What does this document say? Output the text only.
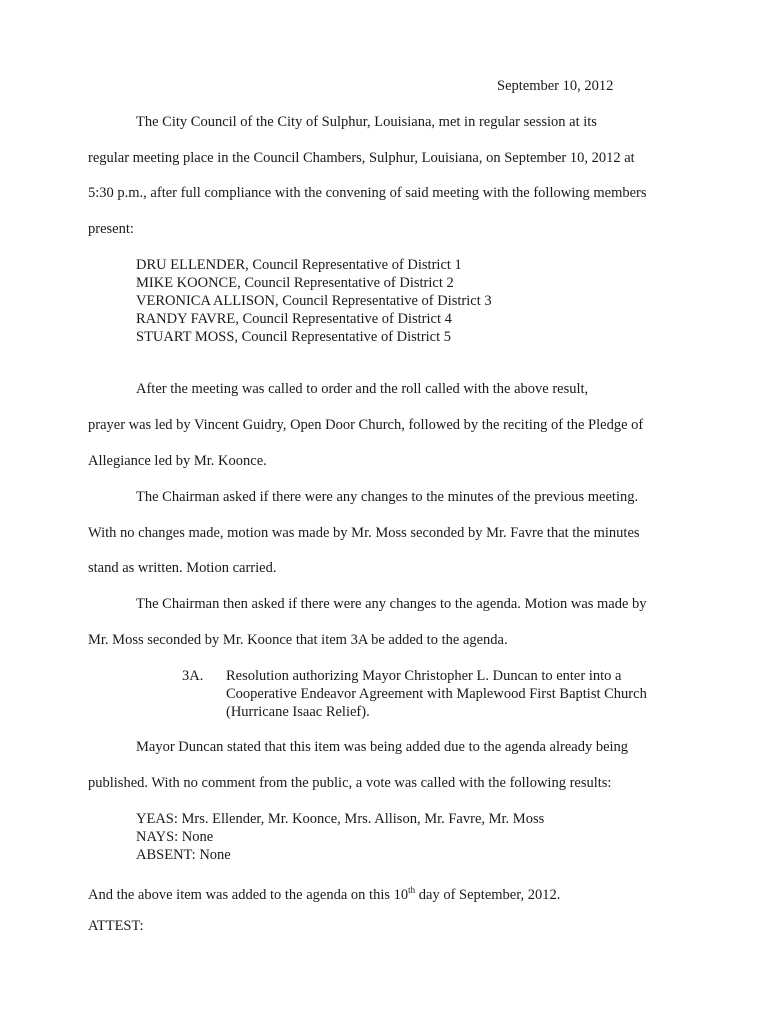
September 10, 2012

The City Council of the City of Sulphur, Louisiana, met in regular session at its

regular meeting place in the Council Chambers, Sulphur, Louisiana, on September 10, 2012 at

5:30 p.m., after full compliance with the convening of said meeting with the following members

present:

DRU ELLENDER, Council Representative of District 1

MIKE KOONCE, Council Representative of District 2

VERONICA ALLISON, Council Representative of District 3

RANDY FAVRE, Council Representative of District 4

STUART MOSS, Council Representative of District 5

After the meeting was called to order and the roll called with the above result,

prayer was led by Vincent Guidry, Open Door Church, followed by the reciting of the Pledge of

Allegiance led by Mr. Koonce.

The Chairman asked if there were any changes to the minutes of the previous meeting.

With no changes made, motion was made by Mr. Moss seconded by Mr. Favre that the minutes

stand as written. Motion carried.

The Chairman then asked if there were any changes to the agenda. Motion was made by

Mr. Moss seconded by Mr. Koonce that item 3A be added to the agenda.

3A. Resolution authorizing Mayor Christopher L. Duncan to enter into a

Cooperative Endeavor Agreement with Maplewood First Baptist Church

(Hurricane Isaac Relief).

Mayor Duncan stated that this item was being added due to the agenda already being

published. With no comment from the public, a vote was called with the following results:

YEAS: Mrs. Ellender, Mr. Koonce, Mrs. Allison, Mr. Favre, Mr. Moss

NAYS: None

ABSENT: None

And the above item was added to the agenda on this 10th day of September, 2012.

ATTEST:
